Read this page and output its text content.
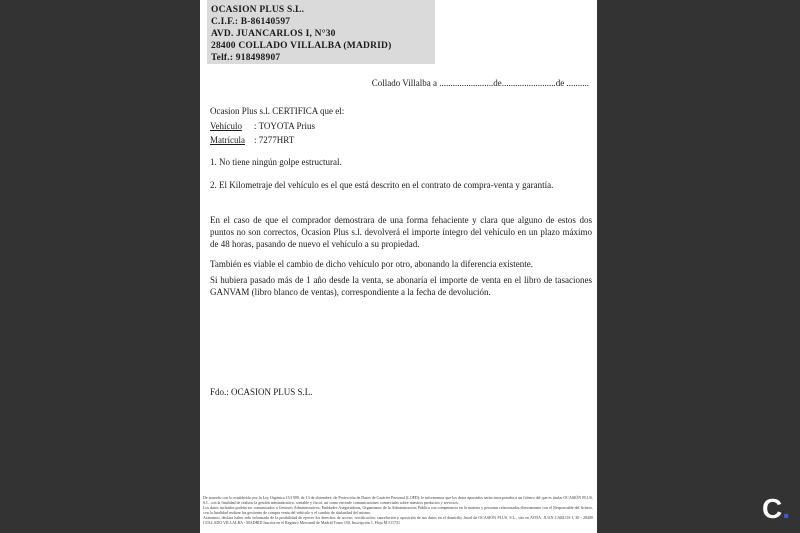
OCASION PLUS S.L.
C.I.F.: B-86140597
AVD. JUANCARLOS I, N°30
28400 COLLADO VILLALBA (MADRID)
Telf.: 918498907
Collado Villalba a ........................de........................de ..........
Ocasion Plus s.l. CERTIFICA que el:
Vehículo : TOYOTA Prius
Matrícula : 7277HRT
1. No tiene ningún golpe estructural.
2. El Kilometraje del vehículo es el que está descrito en el contrato de compra-venta y garantía.
En el caso de que el comprador demostrara de una forma fehaciente y clara que alguno de estos dos puntos no son correctos, Ocasion Plus s.l. devolverá el importe íntegro del vehículo en un plazo máximo de 48 horas, pasando de nuevo el vehículo a su propiedad.
También es viable el cambio de dicho vehículo por otro, abonando la diferencia existente.
Si hubiera pasado más de 1 año desde la venta, se abonaría el importe de venta en el libro de tasaciones GANVAM (libro blanco de ventas), correspondiente a la fecha de devolución.
Fdo.: OCASION PLUS S.L.

De acuerdo con lo establecido por la Ley Orgánica 15/1999, de 13 de diciembre, de Protección de Datos de Carácter Personal (LOPD), le informamos que los datos aportados serán incorporados a un fichero del que es titular OCASIÓN PLUS, S.L. con la finalidad de realizar la gestión administrativa, contable y fiscal, así como enviarle comunicaciones comerciales sobre nuestros productos y servicios.

Los datos incluidos podrán ser comunicados a Gestores Administrativos, Entidades Aseguradoras, Organismos de la Administración Pública con competencia en la materia y personas relacionadas directamente con el Responsable del fichero, con la finalidad realizar las gestiones de compra venta del vehículo y el cambio de titularidad del mismo.

Asimismo, declara haber sido informado de la posibilidad de ejercer los derechos de acceso, rectificación, cancelación y oposición de sus datos en el domicilio fiscal de OCASIÓN PLUS, S.L., sito en AVDA. JUAN CARLOS I, 30 - 28400 COLLADO VILLALBA - MADRID Inscrita en el Registro Mercantil de Madrid Tomo 150, Inscripción 1, Hoja M 511731	C.
